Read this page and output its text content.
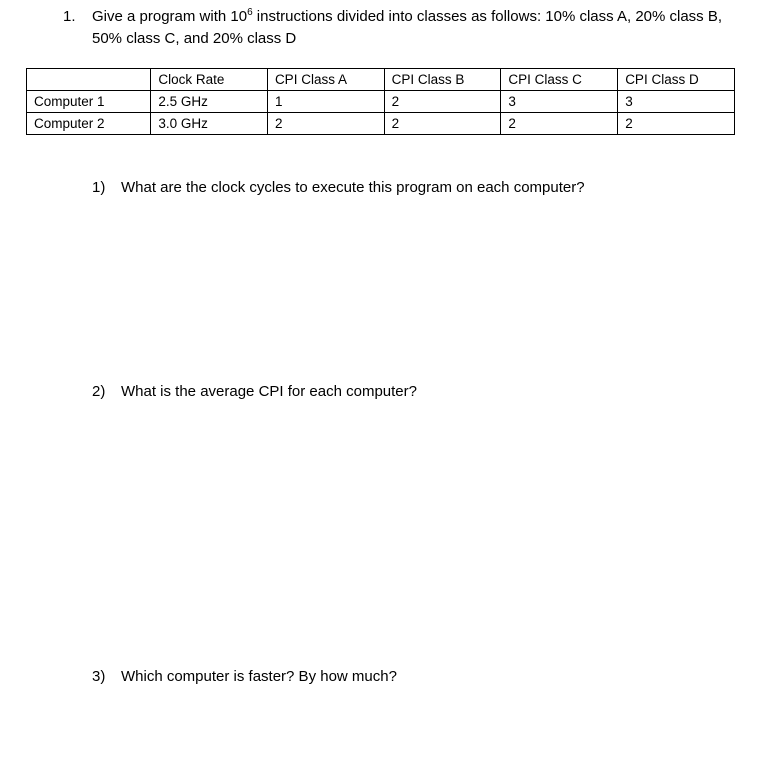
1. Give a program with $10^6$ instructions divided into classes as follows: 10% class A, 20% class B, 50% class C, and 20% class D
	Clock Rate	CPI Class A	CPI Class B	CPI Class C	CPI Class D
Computer 1	2.5 GHz	1	2	3	3
Computer 2	3.0 GHz	2	2	2	2
1) What are the clock cycles to execute this program on each computer?
2) What is the average CPI for each computer?
3) Which computer is faster? By how much?
